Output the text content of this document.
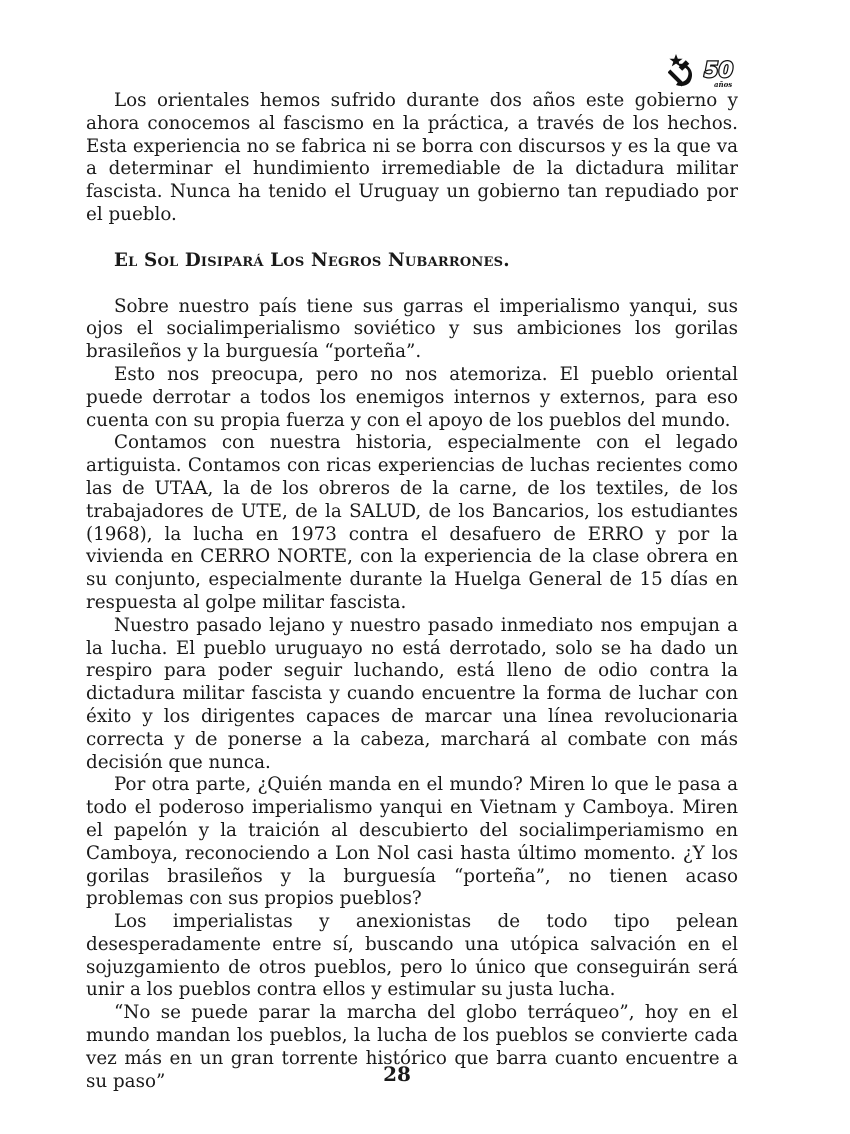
50
años

Los orientales hemos sufrido durante dos años este gobierno y ahora conocemos al fascismo en la práctica, a través de los hechos. Esta experiencia no se fabrica ni se borra con discursos y es la que va a determinar el hundimiento irremediable de la dictadura militar fascista. Nunca ha tenido el Uruguay un gobierno tan repudiado por el pueblo.

El Sol Disipará Los Negros Nubarrones.

Sobre nuestro país tiene sus garras el imperialismo yanqui, sus ojos el socialimperialismo soviético y sus ambiciones los gorilas brasileños y la burguesía “porteña”.

Esto nos preocupa, pero no nos atemoriza. El pueblo oriental puede derrotar a todos los enemigos internos y externos, para eso cuenta con su propia fuerza y con el apoyo de los pueblos del mundo.

Contamos con nuestra historia, especialmente con el legado artiguista. Contamos con ricas experiencias de luchas recientes como las de UTAA, la de los obreros de la carne, de los textiles, de los trabajadores de UTE, de la SALUD, de los Bancarios, los estudiantes (1968), la lucha en 1973 contra el desafuero de ERRO y por la vivienda en CERRO NORTE, con la experiencia de la clase obrera en su conjunto, especialmente durante la Huelga General de 15 días en respuesta al golpe militar fascista.

Nuestro pasado lejano y nuestro pasado inmediato nos empujan a la lucha. El pueblo uruguayo no está derrotado, solo se ha dado un respiro para poder seguir luchando, está lleno de odio contra la dictadura militar fascista y cuando encuentre la forma de luchar con éxito y los dirigentes capaces de marcar una línea revolucionaria correcta y de ponerse a la cabeza, marchará al combate con más decisión que nunca.

Por otra parte, ¿Quién manda en el mundo? Miren lo que le pasa a todo el poderoso imperialismo yanqui en Vietnam y Camboya. Miren el papelón y la traición al descubierto del socialimperiamismo en Camboya, reconociendo a Lon Nol casi hasta último momento. ¿Y los gorilas brasileños y la burguesía “porteña”, no tienen acaso problemas con sus propios pueblos?

Los imperialistas y anexionistas de todo tipo pelean desesperadamente entre sí, buscando una utópica salvación en el sojuzgamiento de otros pueblos, pero lo único que conseguirán será unir a los pueblos contra ellos y estimular su justa lucha.

“No se puede parar la marcha del globo terráqueo”, hoy en el mundo mandan los pueblos, la lucha de los pueblos se convierte cada vez más en un gran torrente histórico que barra cuanto encuentre a su paso”	28
